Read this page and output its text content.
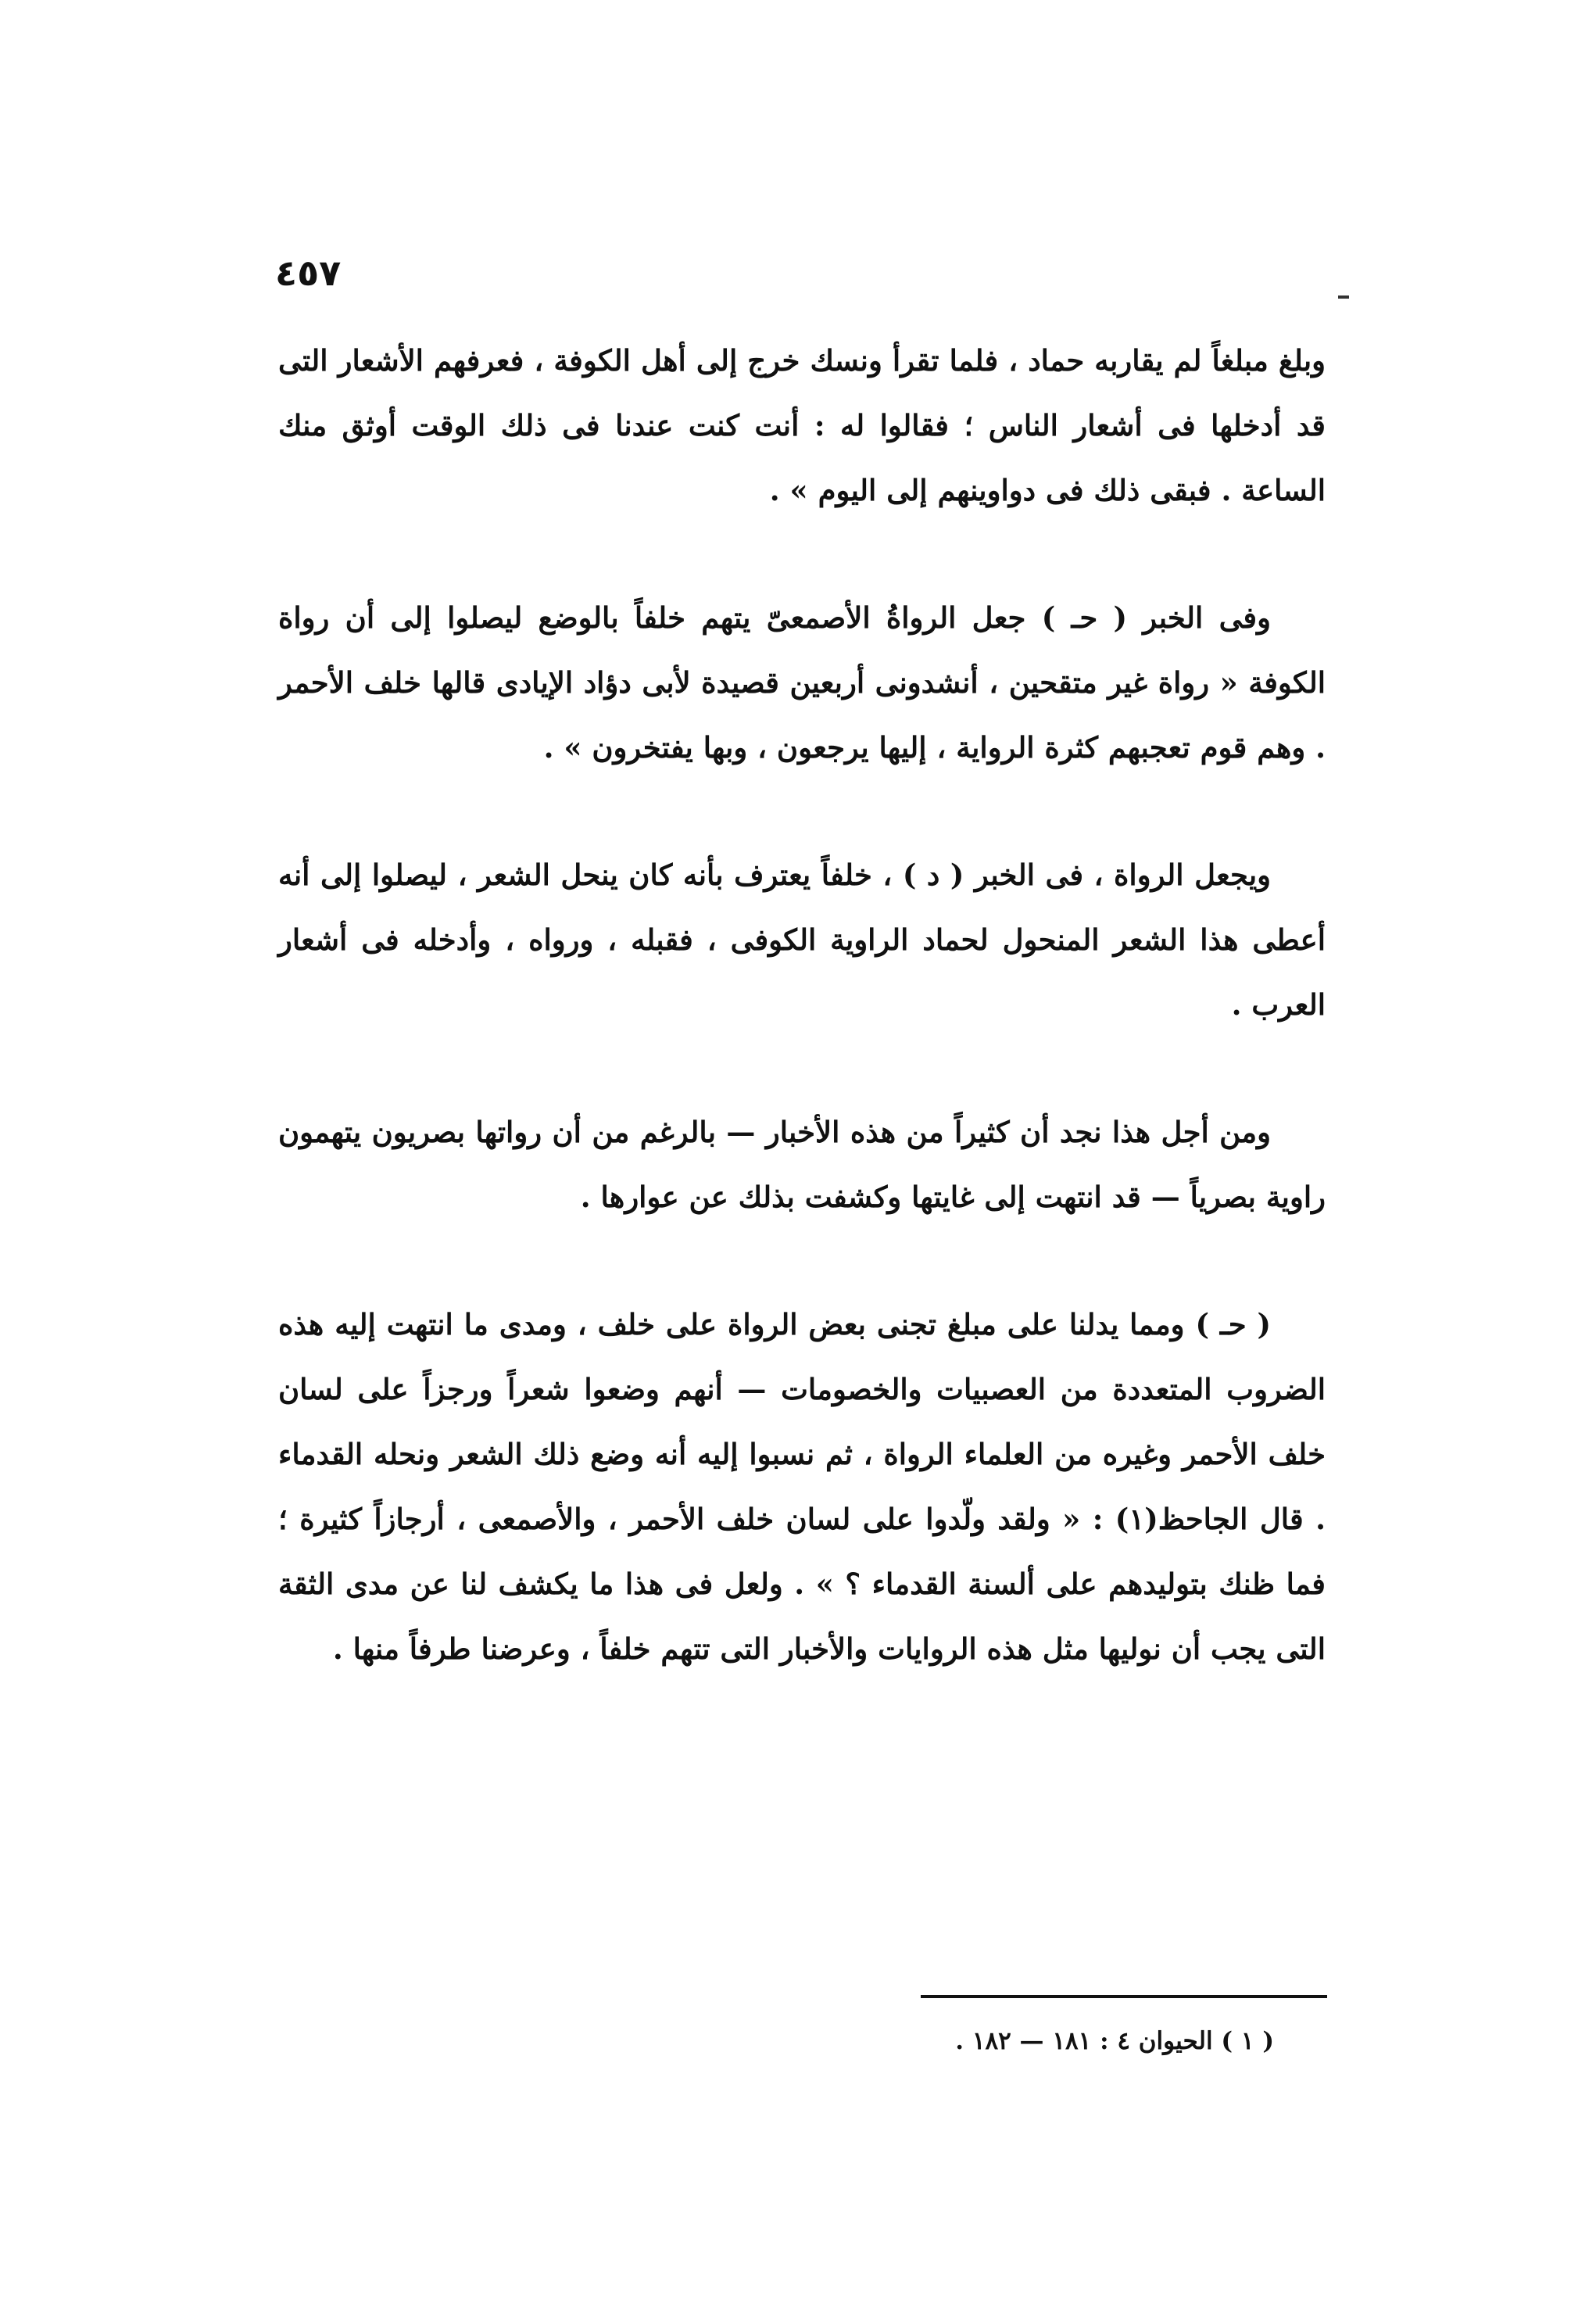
٤٥٧

وبلغ مبلغاً لم يقاربه حماد ، فلما تقرأ ونسك خرج إلى أهل الكوفة ، فعرفهم الأشعار التى قد أدخلها فى أشعار الناس ؛ فقالوا له : أنت كنت عندنا فى ذلك الوقت أوثق منك الساعة . فبقى ذلك فى دواوينهم إلى اليوم » .

وفى الخبر ( حـ ) جعل الرواةُ الأصمعىّ يتهم خلفاً بالوضع ليصلوا إلى أن رواة الكوفة « رواة غير متقحين ، أنشدونى أربعين قصيدة لأبى دؤاد الإيادى قالها خلف الأحمر . وهم قوم تعجبهم كثرة الرواية ، إليها يرجعون ، وبها يفتخرون » .

ويجعل الرواة ، فى الخبر ( د ) ، خلفاً يعترف بأنه كان ينحل الشعر ، ليصلوا إلى أنه أعطى هذا الشعر المنحول لحماد الراوية الكوفى ، فقبله ، ورواه ، وأدخله فى أشعار العرب .

ومن أجل هذا نجد أن كثيراً من هذه الأخبار — بالرغم من أن رواتها بصريون يتهمون راوية بصرياً — قد انتهت إلى غايتها وكشفت بذلك عن عوارها .

( حـ ) ومما يدلنا على مبلغ تجنى بعض الرواة على خلف ، ومدى ما انتهت إليه هذه الضروب المتعددة من العصبيات والخصومات — أنهم وضعوا شعراً ورجزاً على لسان خلف الأحمر وغيره من العلماء الرواة ، ثم نسبوا إليه أنه وضع ذلك الشعر ونحله القدماء . قال الجاحظ(١) : « ولقد ولّدوا على لسان خلف الأحمر ، والأصمعى ، أرجازاً كثيرة ؛ فما ظنك بتوليدهم على ألسنة القدماء ؟ » . ولعل فى هذا ما يكشف لنا عن مدى الثقة التى يجب أن نوليها مثل هذه الروايات والأخبار التى تتهم خلفاً ، وعرضنا طرفاً منها .

( ١ ) الحيوان ٤ : ١٨١ — ١٨٢ .
